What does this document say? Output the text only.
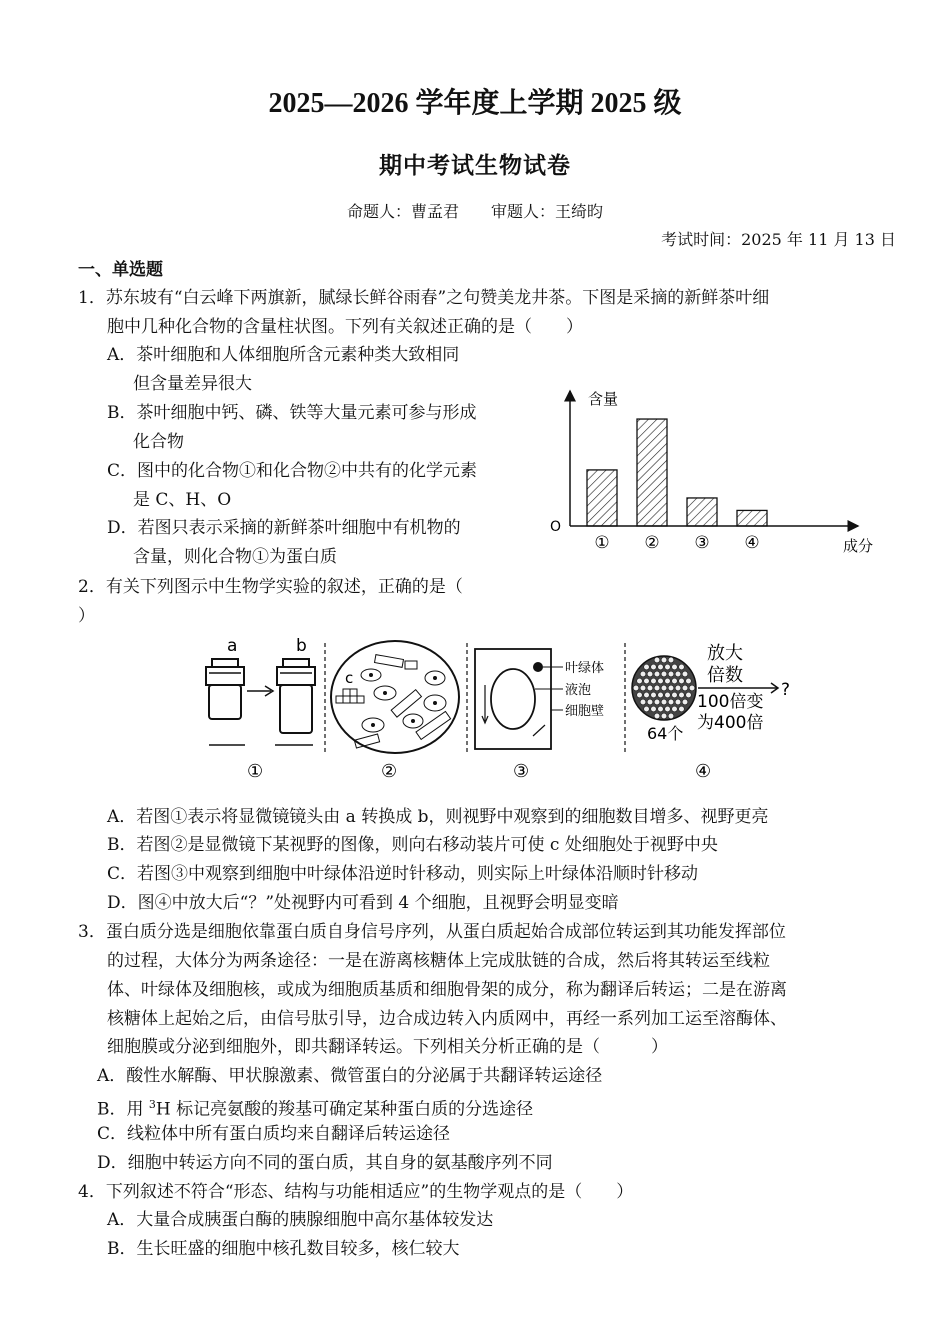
2025—2026 学年度上学期 2025 级
期中考试生物试卷
命题人：曹孟君　　审题人：王绮昀
考试时间：2025 年 11 月 13 日
一、单选题
1．苏东坡有“白云峰下两旗新，腻绿长鲜谷雨春”之句赞美龙井茶。下图是采摘的新鲜茶叶细
胞中几种化合物的含量柱状图。下列有关叙述正确的是（　　）
A．茶叶细胞和人体细胞所含元素种类大致相同
但含量差异很大
B．茶叶细胞中钙、磷、铁等大量元素可参与形成
化合物
C．图中的化合物①和化合物②中共有的化学元素
是 C、H、O
D．若图只表示采摘的新鲜茶叶细胞中有机物的
含量，则化合物①为蛋白质
含量
成分
O
① ② ③ ④
2．有关下列图示中生物学实验的叙述，正确的是（
）
a	b
①
c
②
叶绿体
液泡
细胞壁
③
64个
放大
倍数
?
100倍变
为400倍
④
A．若图①表示将显微镜镜头由 a 转换成 b，则视野中观察到的细胞数目增多、视野更亮
B．若图②是显微镜下某视野的图像，则向右移动装片可使 c 处细胞处于视野中央
C．若图③中观察到细胞中叶绿体沿逆时针移动，则实际上叶绿体沿顺时针移动
D．图④中放大后“？”处视野内可看到 4 个细胞，且视野会明显变暗
3．蛋白质分选是细胞依靠蛋白质自身信号序列，从蛋白质起始合成部位转运到其功能发挥部位
的过程，大体分为两条途径：一是在游离核糖体上完成肽链的合成，然后将其转运至线粒
体、叶绿体及细胞核，或成为细胞质基质和细胞骨架的成分，称为翻译后转运；二是在游离
核糖体上起始之后，由信号肽引导，边合成边转入内质网中，再经一系列加工运至溶酶体、
细胞膜或分泌到细胞外，即共翻译转运。下列相关分析正确的是（　　　）
A．酸性水解酶、甲状腺激素、微管蛋白的分泌属于共翻译转运途径
B．用 $^3$H 标记亮氨酸的羧基可确定某种蛋白质的分选途径
C．线粒体中所有蛋白质均来自翻译后转运途径
D．细胞中转运方向不同的蛋白质，其自身的氨基酸序列不同
4．下列叙述不符合“形态、结构与功能相适应”的生物学观点的是（　　）
A．大量合成胰蛋白酶的胰腺细胞中高尔基体较发达
B．生长旺盛的细胞中核孔数目较多，核仁较大
